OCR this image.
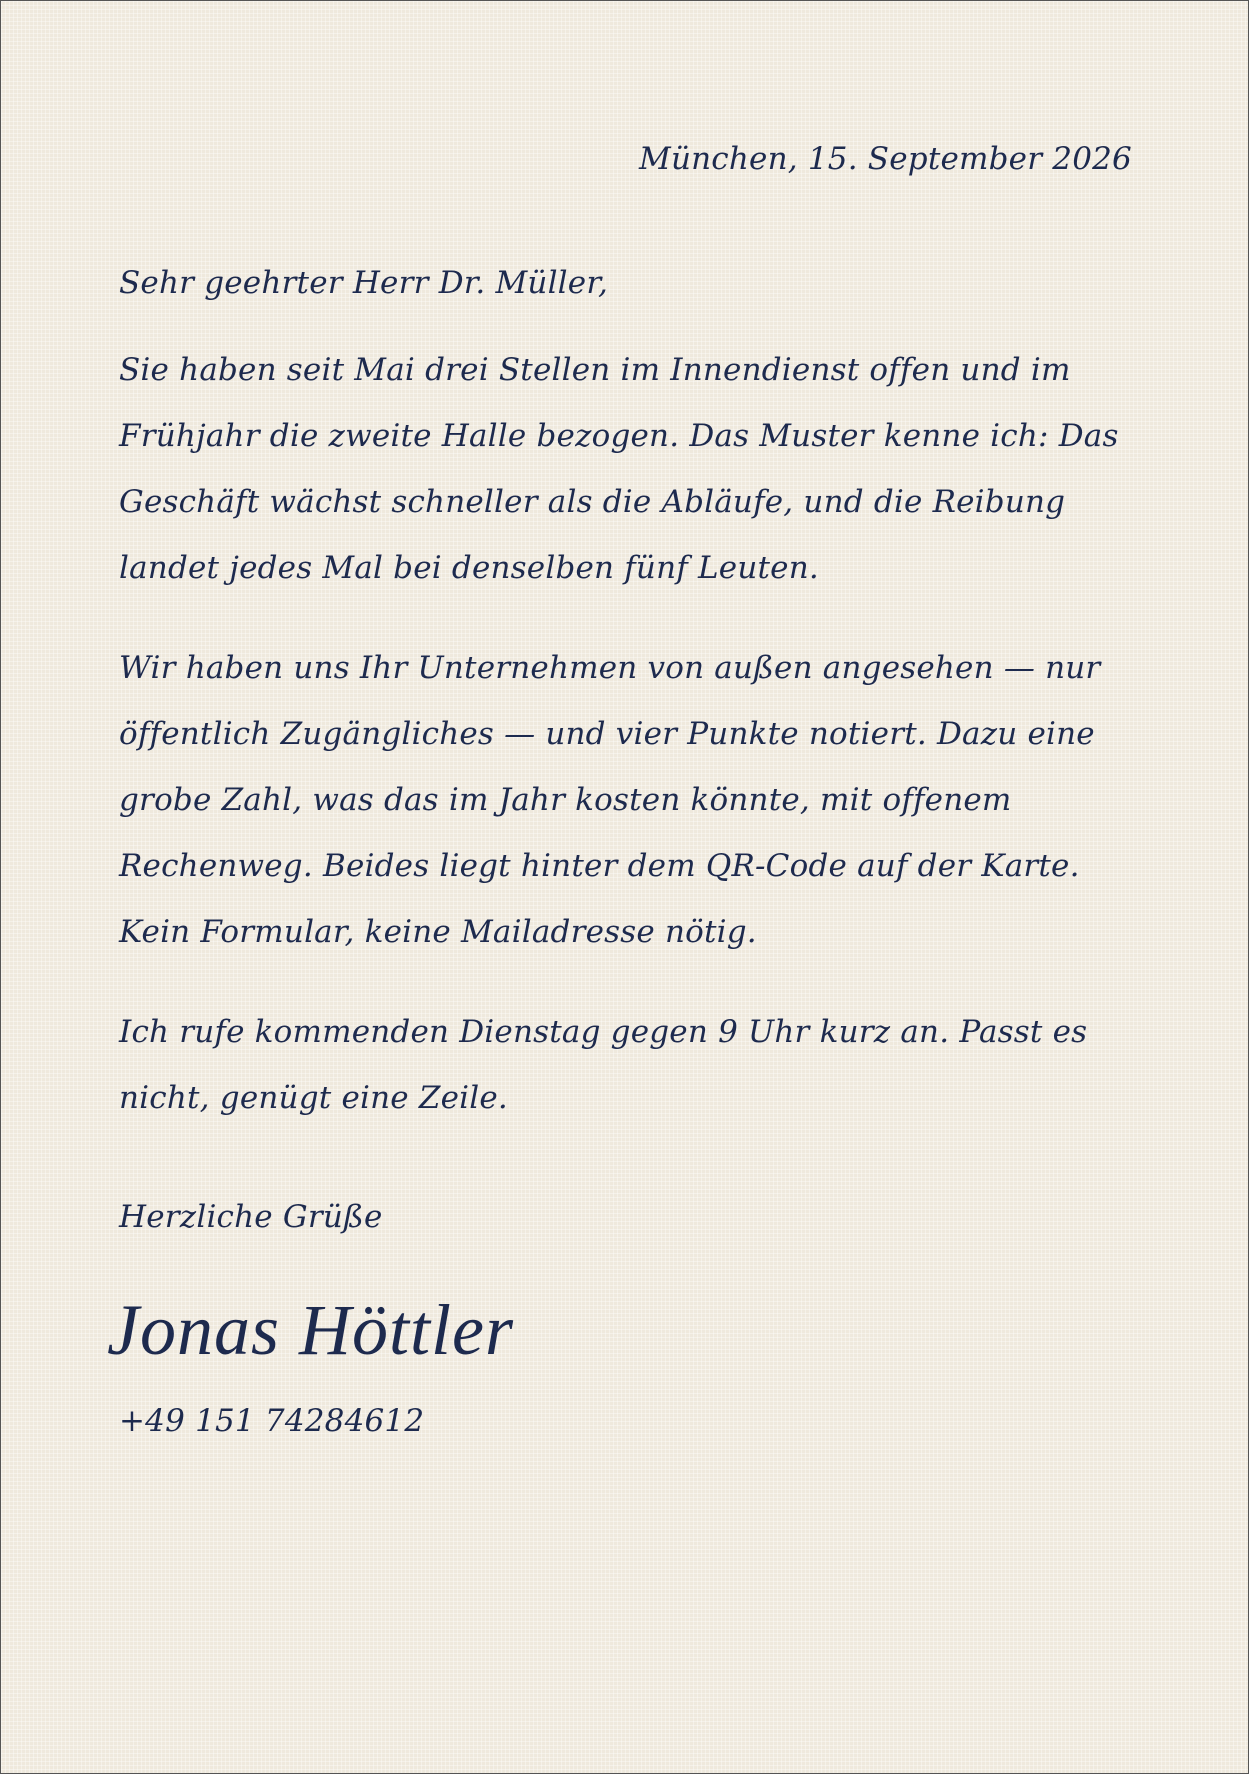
München, 15. September 2026
Sehr geehrter Herr Dr. Müller,
Sie haben seit Mai drei Stellen im Innendienst offen und im
Frühjahr die zweite Halle bezogen. Das Muster kenne ich: Das
Geschäft wächst schneller als die Abläufe, und die Reibung
landet jedes Mal bei denselben fünf Leuten.
Wir haben uns Ihr Unternehmen von außen angesehen — nur
öffentlich Zugängliches — und vier Punkte notiert. Dazu eine
grobe Zahl, was das im Jahr kosten könnte, mit offenem
Rechenweg. Beides liegt hinter dem QR-Code auf der Karte.
Kein Formular, keine Mailadresse nötig.
Ich rufe kommenden Dienstag gegen 9 Uhr kurz an. Passt es
nicht, genügt eine Zeile.
Herzliche Grüße
Jonas Höttler
+49 151 74284612
